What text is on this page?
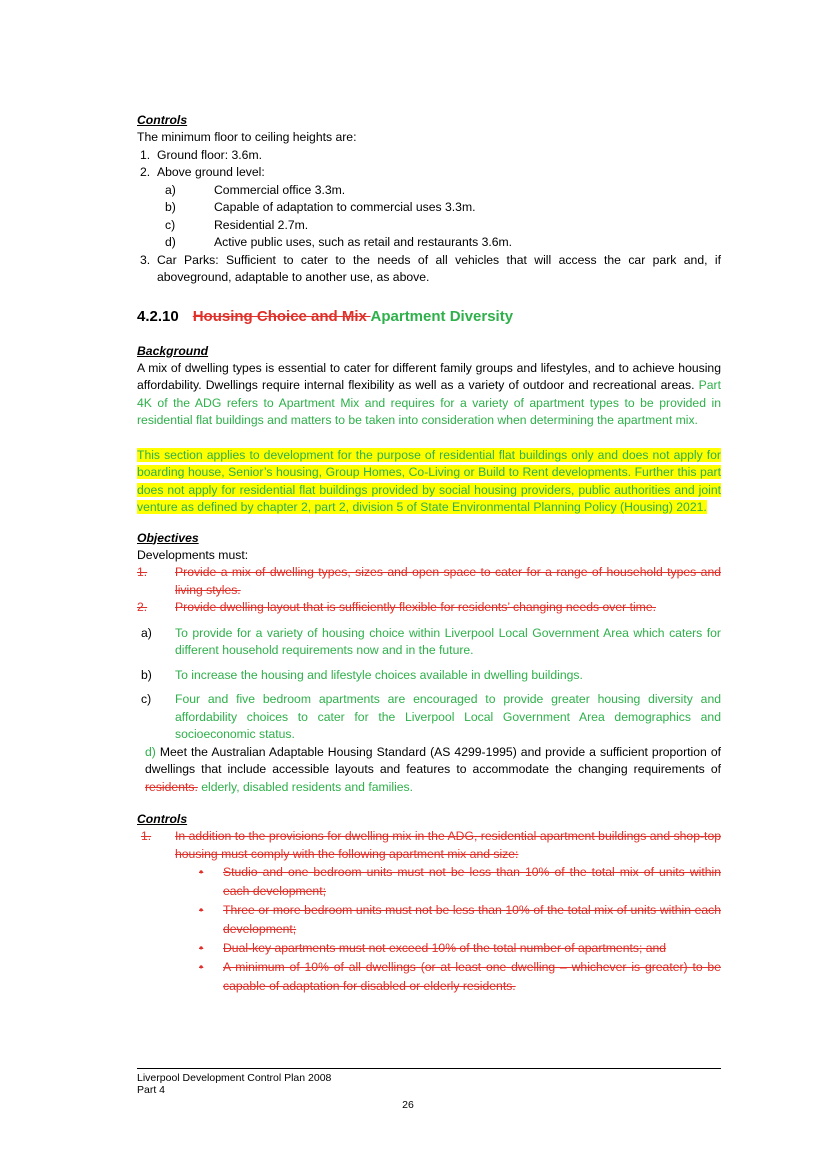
Controls

The minimum floor to ceiling heights are:

1. Ground floor: 3.6m.
2. Above ground level:
a)	Commercial office 3.3m.
b)	Capable of adaptation to commercial uses 3.3m.
c)	Residential 2.7m.
d)	Active public uses, such as retail and restaurants 3.6m.
3. Car Parks: Sufficient to cater to the needs of all vehicles that will access the car park and, if aboveground, adaptable to another use, as above.
4.2.10 Housing Choice and Mix Apartment Diversity

Background

A mix of dwelling types is essential to cater for different family groups and lifestyles, and to achieve housing affordability. Dwellings require internal flexibility as well as a variety of outdoor and recreational areas. Part 4K of the ADG refers to Apartment Mix and requires for a variety of apartment types to be provided in residential flat buildings and matters to be taken into consideration when determining the apartment mix.

This section applies to development for the purpose of residential flat buildings only and does not apply for boarding house, Senior’s housing, Group Homes, Co-Living or Build to Rent developments. Further this part does not apply for residential flat buildings provided by social housing providers, public authorities and joint venture as defined by chapter 2, part 2, division 5 of State Environmental Planning Policy (Housing) 2021.

Objectives

Developments must:

1.	Provide a mix of dwelling types, sizes and open space to cater for a range of household types and living styles.
2.	Provide dwelling layout that is sufficiently flexible for residents’ changing needs over time.
a)	To provide for a variety of housing choice within Liverpool Local Government Area which caters for different household requirements now and in the future.
b)	To increase the housing and lifestyle choices available in dwelling buildings.
c)	Four and five bedroom apartments are encouraged to provide greater housing diversity and affordability choices to cater for the Liverpool Local Government Area demographics and socioeconomic status.

d) Meet the Australian Adaptable Housing Standard (AS 4299-1995) and provide a sufficient proportion of dwellings that include accessible layouts and features to accommodate the changing requirements of residents. elderly, disabled residents and families.

Controls

1.	In addition to the provisions for dwelling mix in the ADG, residential apartment buildings and shop-top housing must comply with the following apartment mix and size:
•	Studio and one bedroom units must not be less than 10% of the total mix of units within each development;
•	Three or more bedroom units must not be less than 10% of the total mix of units within each development;
•	Dual-key apartments must not exceed 10% of the total number of apartments; and
•	A minimum of 10% of all dwellings (or at least one dwelling – whichever is greater) to be capable of adaptation for disabled or elderly residents.
Liverpool Development Control Plan 2008
Part 4
26
